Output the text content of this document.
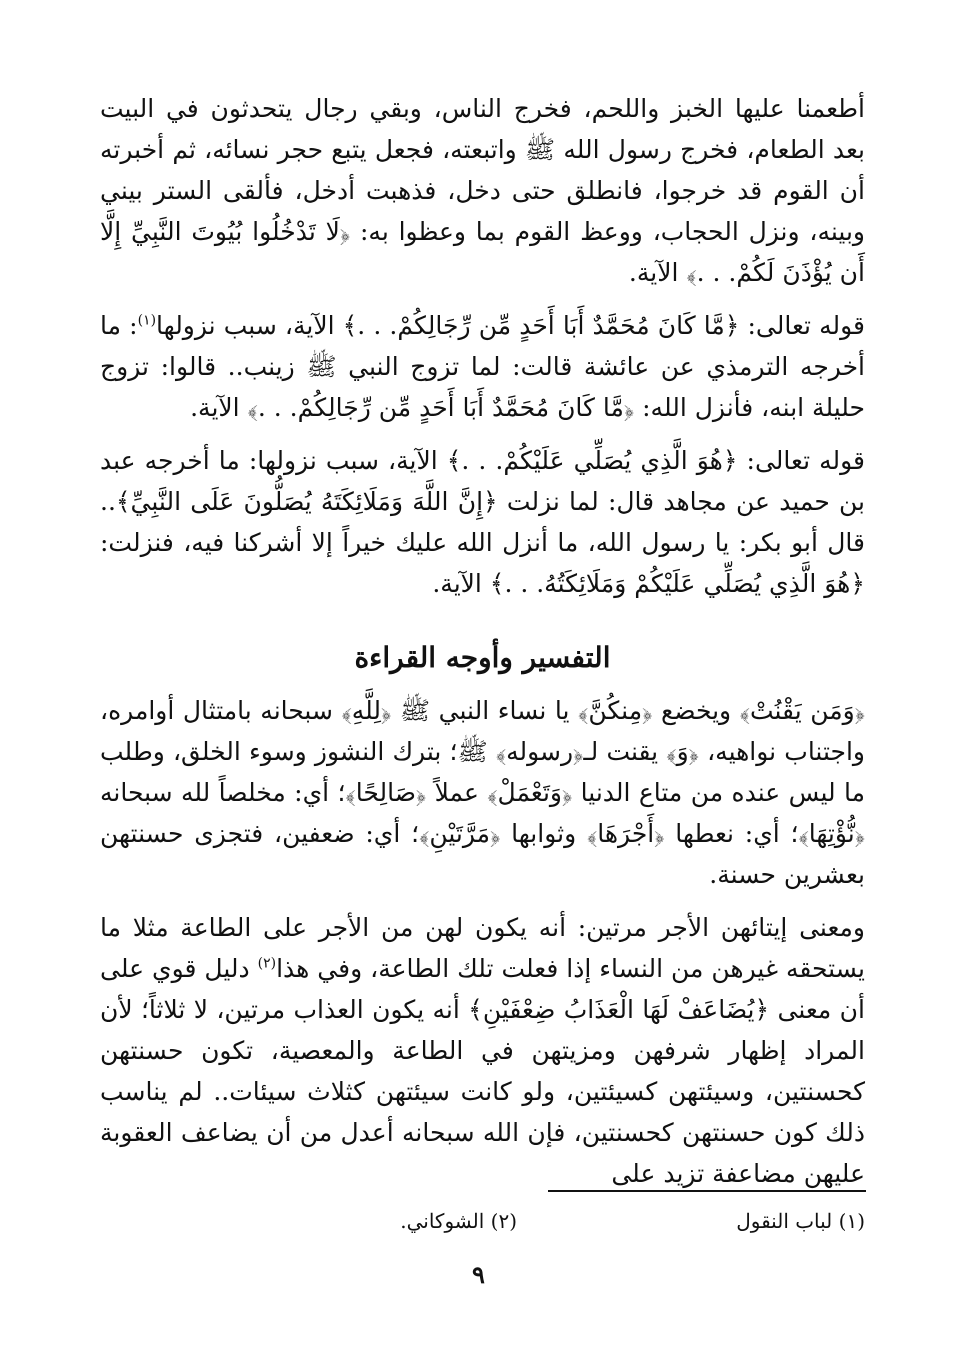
أطعمنا عليها الخبز واللحم، فخرج الناس، وبقي رجال يتحدثون في البيت بعد الطعام، فخرج رسول الله ﷺ واتبعته، فجعل يتبع حجر نسائه، ثم أخبرته أن القوم قد خرجوا، فانطلق حتى دخل، فذهبت أدخل، فألقى الستر بيني وبينه، ونزل الحجاب، ووعظ القوم بما وعظوا به: ﴿لَا تَدْخُلُوا بُيُوتَ النَّبِيِّ إِلَّا أَن يُؤْذَنَ لَكُمْ. . .﴾ الآية.

قوله تعالى: ﴿مَّا كَانَ مُحَمَّدٌ أَبَا أَحَدٍ مِّن رِّجَالِكُمْ. . .﴾ الآية، سبب نزولها$^{(١)}$: ما أخرجه الترمذي عن عائشة قالت: لما تزوج النبي ﷺ زينب.. قالوا: تزوج حليلة ابنه، فأنزل الله: ﴿مَّا كَانَ مُحَمَّدٌ أَبَا أَحَدٍ مِّن رِّجَالِكُمْ. . .﴾ الآية.

قوله تعالى: ﴿هُوَ الَّذِي يُصَلِّي عَلَيْكُمْ. . .﴾ الآية، سبب نزولها: ما أخرجه عبد بن حميد عن مجاهد قال: لما نزلت ﴿إِنَّ اللَّهَ وَمَلَائِكَتَهُ يُصَلُّونَ عَلَى النَّبِيِّ﴾.. قال أبو بكر: يا رسول الله، ما أنزل الله عليك خيراً إلا أشركنا فيه، فنزلت: ﴿هُوَ الَّذِي يُصَلِّي عَلَيْكُمْ وَمَلَائِكَتُهُ. . .﴾ الآية.

التفسير وأوجه القراءة

﴿وَمَن يَقْنُتْ﴾ ويخضع ﴿مِنكُنَّ﴾ يا نساء النبي ﷺ ﴿لِلَّهِ﴾ سبحانه بامتثال أوامره، واجتناب نواهيه، ﴿وَ﴾ يقنت لـ﴿رسوله﴾ ﷺ؛ بترك النشوز وسوء الخلق، وطلب ما ليس عنده من متاع الدنيا ﴿وَتَعْمَلْ﴾ عملاً ﴿صَالِحًا﴾؛ أي: مخلصاً لله سبحانه ﴿نُّؤْتِهَا﴾؛ أي: نعطها ﴿أَجْرَهَا﴾ وثوابها ﴿مَرَّتَيْنِ﴾؛ أي: ضعفين، فتجزى حسنتهن بعشرين حسنة.

ومعنى إيتائهن الأجر مرتين: أنه يكون لهن من الأجر على الطاعة مثلا ما يستحقه غيرهن من النساء إذا فعلت تلك الطاعة، وفي هذا$^{(٢)}$ دليل قوي على أن معنى ﴿يُضَاعَفْ لَهَا الْعَذَابُ ضِعْفَيْنِ﴾ أنه يكون العذاب مرتين، لا ثلاثاً؛ لأن المراد إظهار شرفهن ومزيتهن في الطاعة والمعصية، تكون حسنتهن كحسنتين، وسيئتهن كسيئتين، ولو كانت سيئتهن كثلاث سيئات.. لم يناسب ذلك كون حسنتهن كحسنتين، فإن الله سبحانه أعدل من أن يضاعف العقوبة عليهن مضاعفة تزيد على

(١) لباب النقول
(٢) الشوكاني.
٩
